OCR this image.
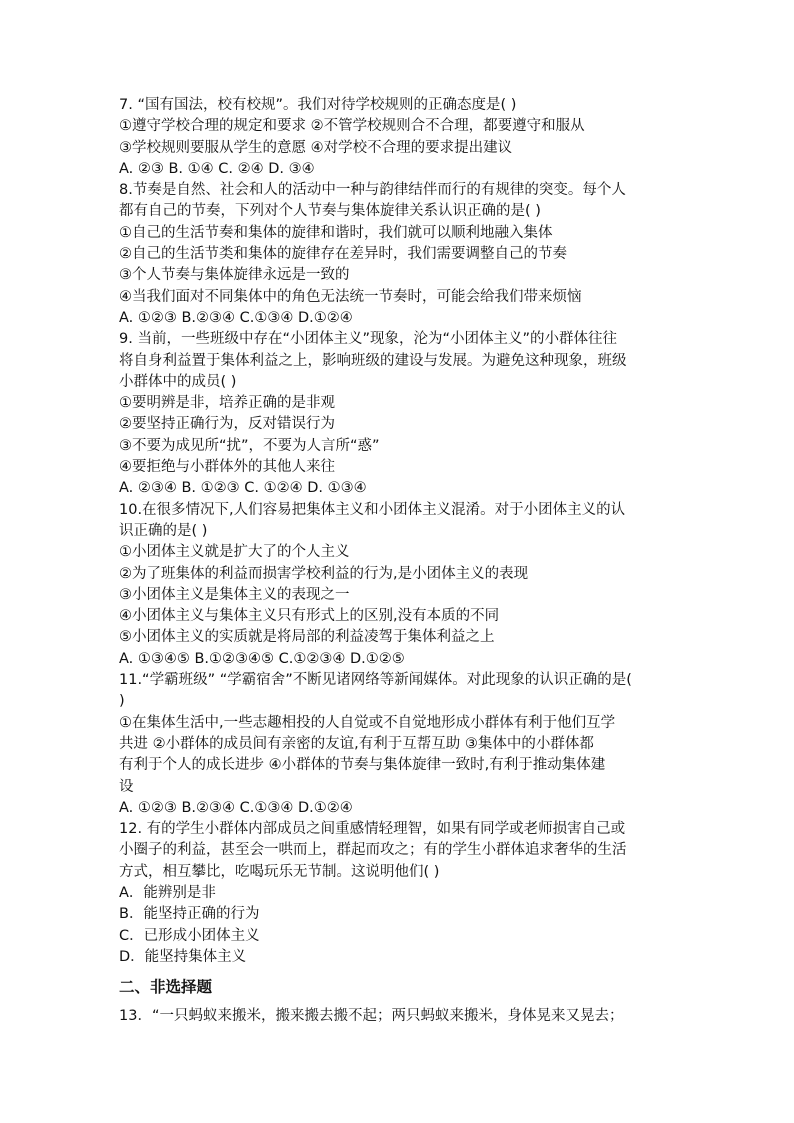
7. “国有国法，校有校规”。我们对待学校规则的正确态度是( )
①遵守学校合理的规定和要求 ②不管学校规则合不合理，都要遵守和服从
③学校规则要服从学生的意愿 ④对学校不合理的要求提出建议
A. ②③ B. ①④ C. ②④ D. ③④
8.节奏是自然、社会和人的活动中一种与韵律结伴而行的有规律的突变。每个人
都有自己的节奏，下列对个人节奏与集体旋律关系认识正确的是( )
①自己的生活节奏和集体的旋律和谐时，我们就可以顺利地融入集体
②自己的生活节类和集体的旋律存在差异时，我们需要调整自己的节奏
③个人节奏与集体旋律永远是一致的
④当我们面对不同集体中的角色无法统一节奏时，可能会给我们带来烦恼
A. ①②③ B.②③④ C.①③④ D.①②④
9. 当前，一些班级中存在“小团体主义”现象，沦为“小团体主义”的小群体往往
将自身利益置于集体利益之上，影响班级的建设与发展。为避免这种现象，班级
小群体中的成员( )
①要明辨是非，培养正确的是非观
②要坚持正确行为，反对错误行为
③不要为成见所“扰”，不要为人言所“惑”
④要拒绝与小群体外的其他人来往
A. ②③④ B. ①②③ C. ①②④ D. ①③④
10.在很多情况下,人们容易把集体主义和小团体主义混淆。对于小团体主义的认
识正确的是( )
①小团体主义就是扩大了的个人主义
②为了班集体的利益而损害学校利益的行为,是小团体主义的表现
③小团体主义是集体主义的表现之一
④小团体主义与集体主义只有形式上的区别,没有本质的不同
⑤小团体主义的实质就是将局部的利益凌驾于集体利益之上
A. ①③④⑤ B.①②③④⑤ C.①②③④ D.①②⑤
11.“学霸班级” “学霸宿舍”不断见诸网络等新闻媒体。对此现象的认识正确的是(
)
①在集体生活中,一些志趣相投的人自觉或不自觉地形成小群体有利于他们互学
共进 ②小群体的成员间有亲密的友谊,有利于互帮互助 ③集体中的小群体都
有利于个人的成长进步 ④小群体的节奏与集体旋律一致时,有利于推动集体建
设
A. ①②③ B.②③④ C.①③④ D.①②④
12. 有的学生小群体内部成员之间重感情轻理智，如果有同学或老师损害自己或
小圈子的利益，甚至会一哄而上，群起而攻之；有的学生小群体追求奢华的生活
方式，相互攀比，吃喝玩乐无节制。这说明他们( )
A．能辨别是非
B．能坚持正确的行为
C．已形成小团体主义
D．能坚持集体主义
二、非选择题
13．“一只蚂蚁来搬米，搬来搬去搬不起；两只蚂蚁来搬米，身体晃来又晃去；
